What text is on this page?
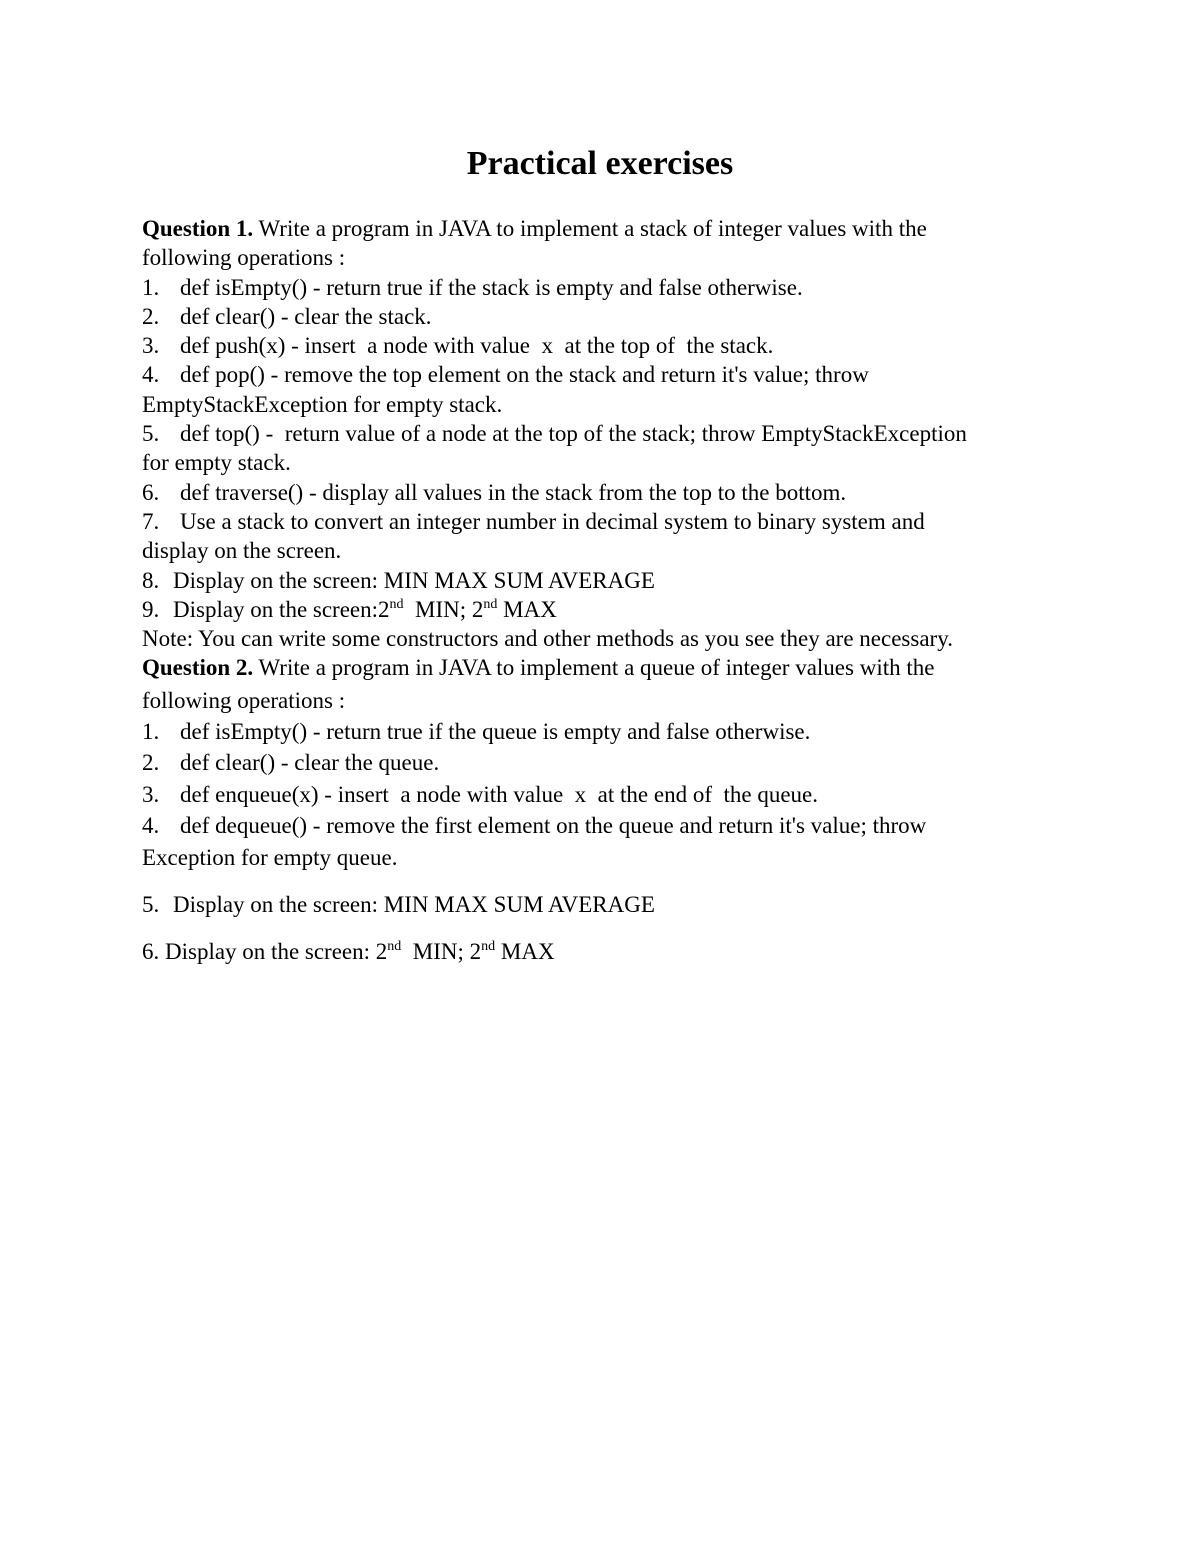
Practical exercises
Question 1. Write a program in JAVA to implement a stack of integer values with the
following operations :
1. def isEmpty() - return true if the stack is empty and false otherwise.
2. def clear() - clear the stack.
3. def push(x) - insert  a node with value  x  at the top of  the stack.
4. def pop() - remove the top element on the stack and return it's value; throw
EmptyStackException for empty stack.
5. def top() -  return value of a node at the top of the stack; throw EmptyStackException
for empty stack.
6. def traverse() - display all values in the stack from the top to the bottom.
7. Use a stack to convert an integer number in decimal system to binary system and
display on the screen.
8. Display on the screen: MIN MAX SUM AVERAGE
9. Display on the screen:2nd  MIN; 2nd MAX
Note: You can write some constructors and other methods as you see they are necessary.
Question 2. Write a program in JAVA to implement a queue of integer values with the
following operations :
1. def isEmpty() - return true if the queue is empty and false otherwise.
2. def clear() - clear the queue.
3. def enqueue(x) - insert  a node with value  x  at the end of  the queue.
4. def dequeue() - remove the first element on the queue and return it's value; throw
Exception for empty queue.
5. Display on the screen: MIN MAX SUM AVERAGE
6. Display on the screen: 2nd  MIN; 2nd MAX
